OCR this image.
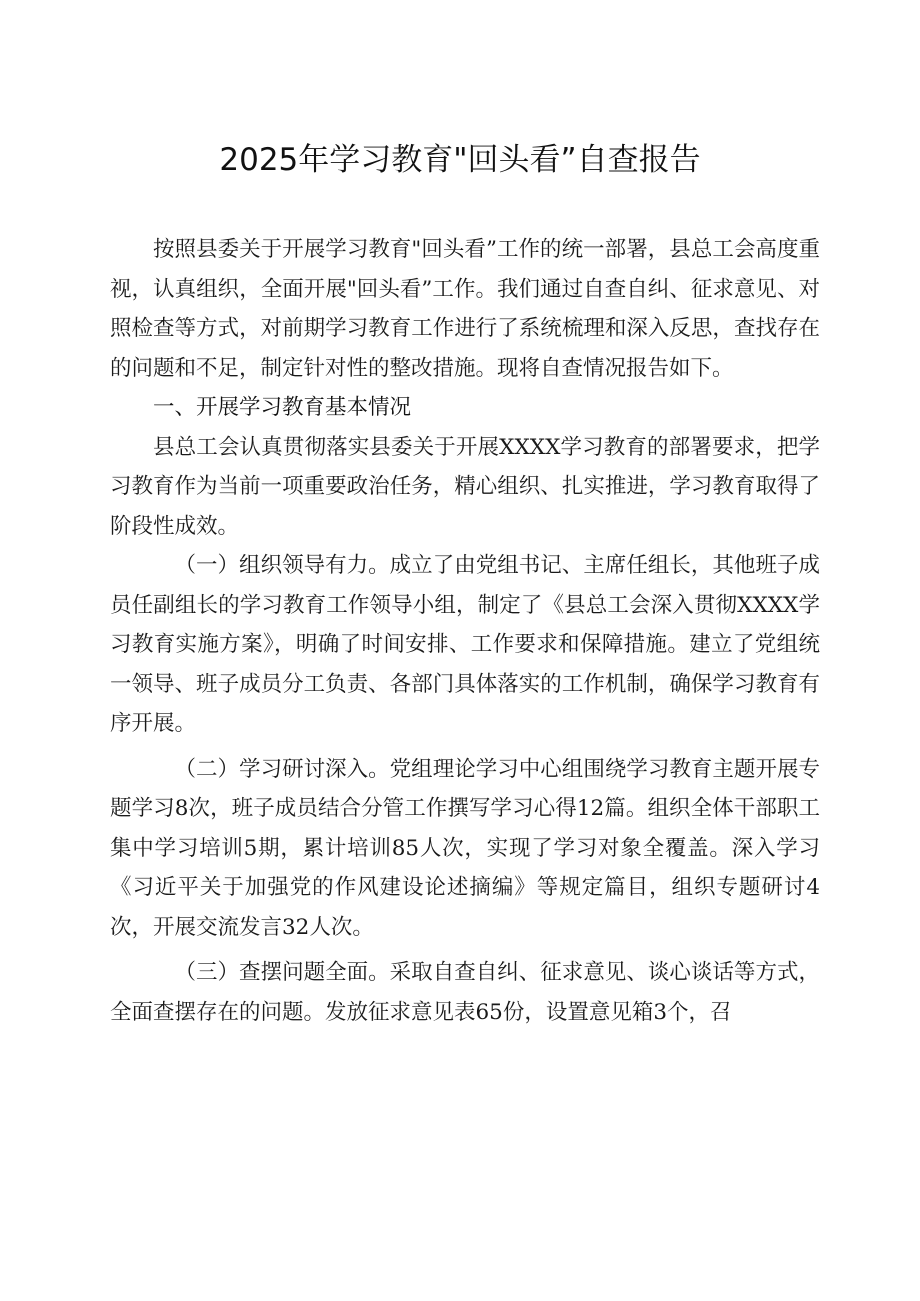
2025年学习教育"回头看”自查报告

按照县委关于开展学习教育"回头看”工作的统一部署，县总工会高度重视，认真组织，全面开展"回头看”工作。我们通过自查自纠、征求意见、对照检查等方式，对前期学习教育工作进行了系统梳理和深入反思，查找存在的问题和不足，制定针对性的整改措施。现将自查情况报告如下。

一、开展学习教育基本情况

县总工会认真贯彻落实县委关于开展XXXX学习教育的部署要求，把学习教育作为当前一项重要政治任务，精心组织、扎实推进，学习教育取得了阶段性成效。

（一）组织领导有力。成立了由党组书记、主席任组长，其他班子成员任副组长的学习教育工作领导小组，制定了《县总工会深入贯彻XXXX学习教育实施方案》，明确了时间安排、工作要求和保障措施。建立了党组统一领导、班子成员分工负责、各部门具体落实的工作机制，确保学习教育有序开展。

（二）学习研讨深入。党组理论学习中心组围绕学习教育主题开展专题学习8次，班子成员结合分管工作撰写学习心得12篇。组织全体干部职工集中学习培训5期，累计培训85人次，实现了学习对象全覆盖。深入学习《习近平关于加强党的作风建设论述摘编》等规定篇目，组织专题研讨4次，开展交流发言32人次。

（三）查摆问题全面。采取自查自纠、征求意见、谈心谈话等方式，全面查摆存在的问题。发放征求意见表65份，设置意见箱3个，召
